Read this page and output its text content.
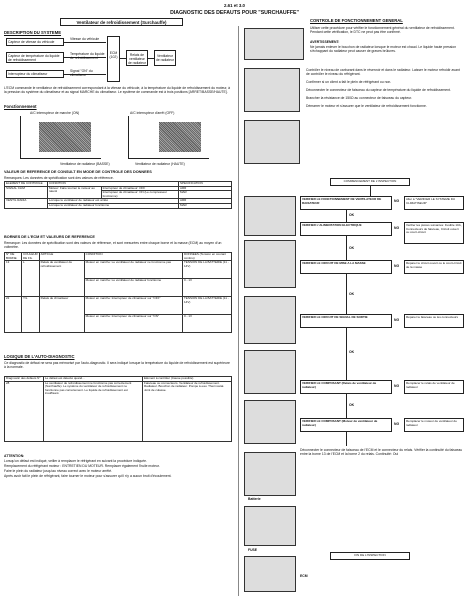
2.61 et 3.0
DIAGNOSTIC DES DEFAUTS POUR "SURCHAUFFE"
Ventilateur de refroidissement (Surchauffe)
DESCRIPTION DU SYSTEME
Capteur de vitesse du véhicule
Capteur de température du liquide de refroidissement
Interrupteur du climatiseur
Vitesse du véhicule
Température du liquide de refroidissement
Signal "ON" du climatiseur
ECM (102)	Relais de ventilateur de radiateur
Ventilateur de radiateur
L'ECM commande le ventilateur de refroidissement correspondant à la vitesse du véhicule, à la température du liquide de refroidissement du moteur, à la pression du système du climatiseur et au signal MARCHE du climatiseur. Le système de commande est à trois positions [ARRET/BASSE/HAUTE].
Fonctionnement
A/C interrupteur de marche (ON)	A/C interrupteur d'arrêt (OFF)
Ventilateur de radiateur (BASSE)	Ventilateur de radiateur (HAUTE)
VALEUR DE REFERENCE DE CONSULT EN MODE DE CONTROLE DES DONNEES
Remarques: Les données de spécification sont des valeurs de référence.
ELEMENT DE CONTROLE	CONDITION		SPECIFICATION
SIGNAL CLIM	Moteur: Faire tourner le moteur au ralenti	Interrupteur de climatiseur: OFF	ARR
		Interrupteur de climatiseur: ON (Le compresseur fonctionne)	MAR
VENTIL RADIA	Lorsque le ventilateur de radiateur est arrêté		ARR
	Lorsque le ventilateur de radiateur fonctionne		MAR
BORNES DE L'ECM ET VALEURS DE REFERENCE
Remarque: Les données de spécification sont des valeurs de référence, et sont mesurées entre chaque borne et la masse (ECM) au moyen d'un voltmètre.
N° DE BORNE	COULEUR DE FIL	ARTICLE	CONDITION	DONNEES (Tension en courant continu)
13	L	Relais de ventilateur de refroidissement	Moteur en marche: Le ventilateur de radiateur ne fonctionne pas	TENSION DE LA BATTERIE (11 - 14V)
			Moteur en marche: Le ventilateur de radiateur fonctionne	0 - 1V
22	Y/L	Relais de climatiseur	Moteur en marche: Interrupteur de climatiseur sur "OFF"	TENSION DE LA BATTERIE (11 - 14V)
			Moteur en marche: Interrupteur de climatiseur sur "ON"	0 - 1V
LOGIQUE DE L'AUTO-DIAGNOSTIC
Ce diagnostic de défaut ne sera pas mémorisé par l'auto-diagnostic. Il sera indiqué lorsque la température du liquide de refroidissement est supérieure à la normale.
Diagnostic des défauts N°	Le défaut est détecté quand...	Elément à contrôler (Cause possible)
28	Le ventilateur de refroidissement ne fonctionne pas correctement (Surchauffe). Le système du ventilateur de refroidissement ne fonctionne pas correctement. Le liquide de refroidissement est insuffisant.	Faisceau ou connecteurs. Ventilateur de refroidissement. Radiateur. Bouchon de radiateur. Pompe à eau. Thermostat. Joint de culasse.
ATTENTION:
Lorsqu'un défaut est indiqué, veiller à remplacer le réfrigérant en suivant la procédure indiquée.
Remplacement du réfrigérant moteur : ENTRETIEN DU MOTEUR. Remplacer également l'huile moteur.
Faire le plein du radiateur jusqu'au niveau correct avec le moteur arrêté.
Après avoir fait le plein de réfrigérant, faire tourner le moteur pour s'assurer qu'il n'y a aucun bruit d'écoulement.
CONTROLE DE FONCTIONNEMENT GENERAL
Utiliser cette procédure pour vérifier le fonctionnement général du ventilateur de refroidissement. Pendant cette vérification, le DTC ne peut pas être confirmé.
AVERTISSEMENT:
Ne jamais enlever le bouchon de radiateur lorsque le moteur est chaud. Le liquide haute pression s'échappant du radiateur peut causer de graves brûlures.
Contrôler le niveau de carburant dans le réservoir et dans le radiateur. Laisser le moteur refroidir avant de contrôler le niveau du réfrigérant.
Confirmer si un client a fait le plein de réfrigérant ou non.
Déconnecter le connecteur de faisceau du capteur de température du liquide de refroidissement.
Brancher la résistance de 150Ω au connecteur de faisceau du capteur.
Démarrer le moteur et s'assurer que le ventilateur de refroidissement fonctionne.
COMMENCEMENT DE L'INSPECTION
VERIFIER LE FONCTIONNEMENT DE VENTILATEUR DE RADIATEUR
Aller à "VERIFIER LE SYSTEME DU CLIMATISEUR"
NG
OK
VERIFIER L'ALIMENTATION ELECTRIQUE	Vérifier les pièces suivantes: Fusible 10A, Connecteurs de faisceau, Circuit ouvert ou court-circuit
NG
OK
VERIFIER LE CIRCUIT DE MISE A LA MASSE	Réparer le circuit ouvert ou le court-circuit de la masse
NG
OK
VERIFIER LE CIRCUIT DE SIGNAL DE SORTIE	Réparer le faisceau ou les connecteurs
NG
OK
VERIFIER LE COMPOSANT (Relais de ventilateur de radiateur)
Remplacer le relais de ventilateur de radiateur
NG
OK
VERIFIER LE COMPOSANT (Moteur de ventilateur de radiateur)
Remplacer le moteur de ventilateur de radiateur
NG
Déconnecter le connecteur de faisceau de l'ECM et le connecteur du relais. Vérifier la continuité du faisceau entre la borne 13 de l'ECM et la borne 2 du relais. Continuité: Oui
Batterie
FUSE
ECM
FIN DE L'INSPECTION
